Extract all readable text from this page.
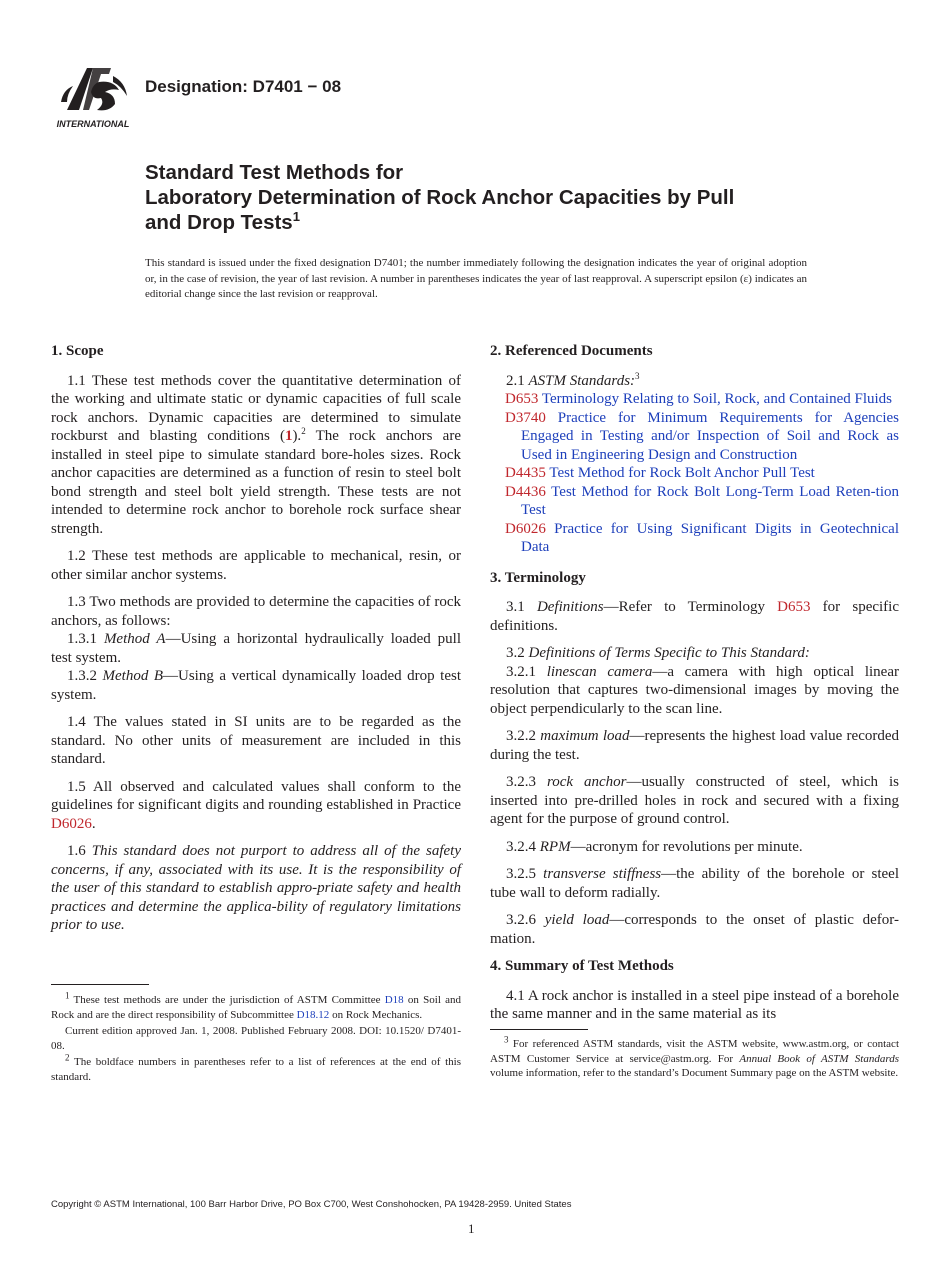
INTERNATIONAL
Designation: D7401 − 08
Standard Test Methods for
Laboratory Determination of Rock Anchor Capacities by Pull
and Drop Tests$^1$
This standard is issued under the fixed designation D7401; the number immediately following the designation indicates the year of original adoption or, in the case of revision, the year of last revision. A number in parentheses indicates the year of last reapproval. A superscript epsilon (ε) indicates an editorial change since the last revision or reapproval.
1. Scope
1.1 These test methods cover the quantitative determination of the working and ultimate static or dynamic capacities of full scale rock anchors. Dynamic capacities are determined to simulate rockburst and blasting conditions (1).$^2$ The rock anchors are installed in steel pipe to simulate standard bore-holes sizes. Rock anchor capacities are determined as a function of resin to steel bolt bond strength and steel bolt yield strength. These tests are not intended to determine rock anchor to borehole rock surface shear strength.
1.2 These test methods are applicable to mechanical, resin, or other similar anchor systems.
1.3 Two methods are provided to determine the capacities of rock anchors, as follows:
1.3.1 Method A—Using a horizontal hydraulically loaded pull test system.
1.3.2 Method B—Using a vertical dynamically loaded drop test system.
1.4 The values stated in SI units are to be regarded as the standard. No other units of measurement are included in this standard.
1.5 All observed and calculated values shall conform to the guidelines for significant digits and rounding established in Practice D6026.
1.6 This standard does not purport to address all of the safety concerns, if any, associated with its use. It is the responsibility of the user of this standard to establish appro-priate safety and health practices and determine the applica-bility of regulatory limitations prior to use.
2. Referenced Documents
2.1 ASTM Standards:$^3$
D653 Terminology Relating to Soil, Rock, and Contained Fluids
D3740 Practice for Minimum Requirements for Agencies Engaged in Testing and/or Inspection of Soil and Rock as Used in Engineering Design and Construction
D4435 Test Method for Rock Bolt Anchor Pull Test
D4436 Test Method for Rock Bolt Long-Term Load Reten-tion Test
D6026 Practice for Using Significant Digits in Geotechnical Data
3. Terminology
3.1 Definitions—Refer to Terminology D653 for specific definitions.
3.2 Definitions of Terms Specific to This Standard:
3.2.1 linescan camera—a camera with high optical linear resolution that captures two-dimensional images by moving the object perpendicularly to the scan line.
3.2.2 maximum load—represents the highest load value recorded during the test.
3.2.3 rock anchor—usually constructed of steel, which is inserted into pre-drilled holes in rock and secured with a fixing agent for the purpose of ground control.
3.2.4 RPM—acronym for revolutions per minute.
3.2.5 transverse stiffness—the ability of the borehole or steel tube wall to deform radially.
3.2.6 yield load—corresponds to the onset of plastic defor-mation.
4. Summary of Test Methods
4.1 A rock anchor is installed in a steel pipe instead of a borehole the same manner and in the same material as its

$^1$ These test methods are under the jurisdiction of ASTM Committee D18 on Soil and Rock and are the direct responsibility of Subcommittee D18.12 on Rock Mechanics.

Current edition approved Jan. 1, 2008. Published February 2008. DOI: 10.1520/ D7401-08.

$^2$ The boldface numbers in parentheses refer to a list of references at the end of this standard.

$^3$ For referenced ASTM standards, visit the ASTM website, www.astm.org, or contact ASTM Customer Service at service@astm.org. For Annual Book of ASTM Standards volume information, refer to the standard’s Document Summary page on the ASTM website.

Copyright © ASTM International, 100 Barr Harbor Drive, PO Box C700, West Conshohocken, PA 19428-2959. United States
1
